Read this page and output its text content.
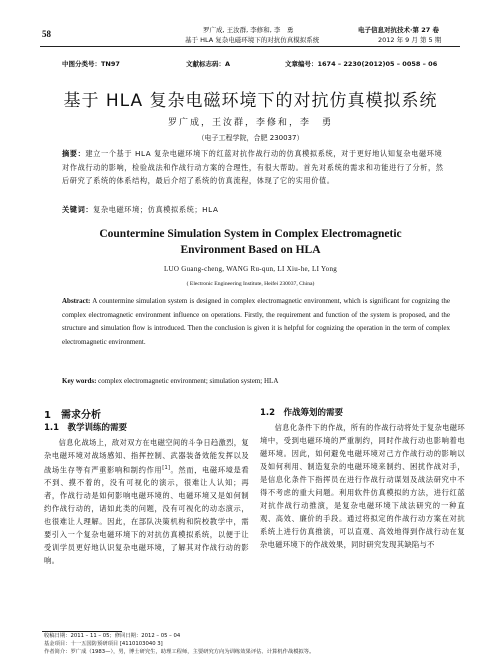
58	罗广成, 王汝群, 李修和, 李　勇
基于 HLA 复杂电磁环境下的对抗仿真模拟系统
电子信息对抗技术·第 27 卷
2012 年 9 月 第 5 期
中图分类号：TN97	文献标志码：A	文章编号：1674 – 2230(2012)05 – 0058 – 06
基于 HLA 复杂电磁环境下的对抗仿真模拟系统
罗广成，王汝群，李修和，李　勇
（电子工程学院，合肥 230037）
摘要：建立一个基于 HLA 复杂电磁环境下的红蓝对抗作战行动的仿真模拟系统，对于更好地认知复杂电磁环境对作战行动的影响，检验战法和作战行动方案的合理性，有很大帮助。首先对系统的需求和功能进行了分析，然后研究了系统的体系结构，最后介绍了系统的仿真流程，体现了它的实用价值。
关键词：复杂电磁环境；仿真模拟系统；HLA
Countermine Simulation System in Complex Electromagnetic
Environment Based on HLA
LUO Guang-cheng, WANG Ru-qun, LI Xiu-he, LI Yong
( Electronic Engineering Institute, Heifei 230037, China)
Abstract: A countermine simulation system is designed in complex electromagnetic environment, which is significant for cognizing the complex electromagnetic environment influence on operations. Firstly, the requirement and function of the system is proposed, and the structure and simulation flow is introduced. Then the conclusion is given it is helpful for cognizing the operation in the term of complex electromagnetic environment.
Key words: complex electromagnetic environment; simulation system; HLA
1　需求分析
1.1　教学训练的需要

信息化战场上，敌对双方在电磁空间的斗争日趋激烈，复杂电磁环境对战场感知、指挥控制、武器装备效能发挥以及战场生存等有严重影响和制约作用[1]。然而，电磁环境是看不到、摸不着的，没有可视化的演示，很难让人认知；再者，作战行动是如何影响电磁环境的、电磁环境又是如何制约作战行动的，诸如此类的问题，没有可视化的动态演示，也很难让人理解。因此，在部队决策机构和院校教学中，需要引入一个复杂电磁环境下的对抗仿真模拟系统，以便于让受训学员更好地认识复杂电磁环境，了解其对作战行动的影响。

1.2　作战筹划的需要

信息化条件下的作战，所有的作战行动将处于复杂电磁环境中，受到电磁环境的严重制约，同时作战行动也影响着电磁环境。因此，如何避免电磁环境对己方作战行动的影响以及如何利用、制造复杂的电磁环境来制约、困扰作战对手，是信息化条件下指挥员在进行作战行动谋划及战法研究中不得不考虑的重大问题。利用软件仿真模拟的方法，进行红蓝对抗作战行动推演，是复杂电磁环境下战法研究的一种直观、高效、廉价的手段。通过将拟定的作战行动方案在对抗系统上进行仿真推演，可以直观、高效地得到作战行动在复杂电磁环境下的作战效果，同时研究发现其缺陷与不

收稿日期：2011 – 11 – 05；修回日期：2012 – 05 – 04
基金项目：十一五国防预研项目 [4110103040 3]
作者简介：罗广成（1983—），男，博士研究生，助理工程师，主要研究方向为训练效果评估、计算机作战模拟等。
